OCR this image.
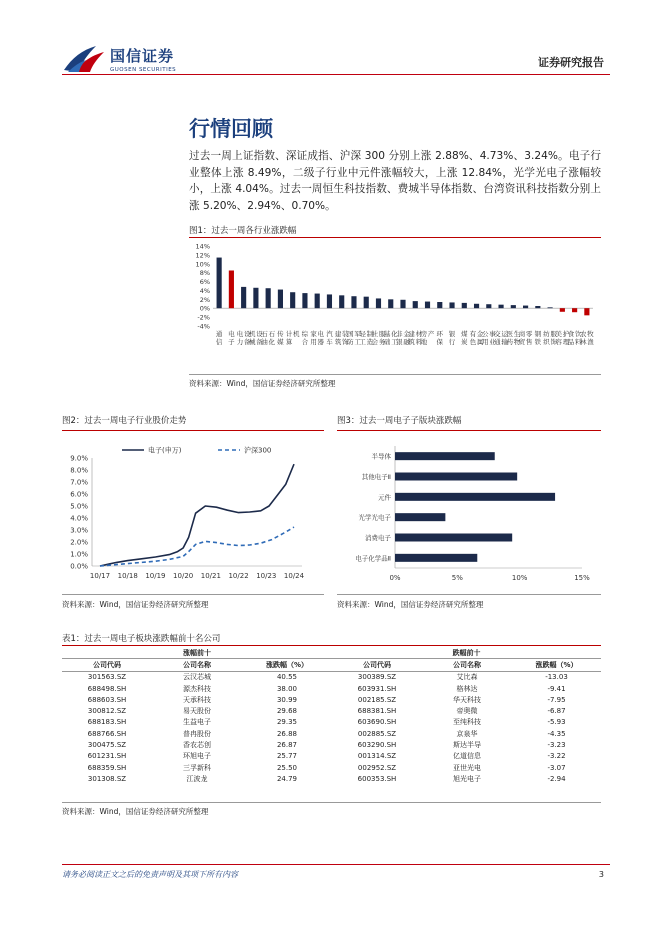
国信证券
GUOSEN SECURITIES
证券研究报告
行情回顾
过去一周上证指数、深证成指、沪深 300 分别上涨 2.88%、4.73%、3.24%。电子行业整体上涨 8.49%，二级子行业中元件涨幅较大，上涨 12.84%，光学光电子涨幅较小，上涨 4.04%。过去一周恒生科技指数、费城半导体指数、台湾资讯科技指数分别上涨 5.20%、2.94%、0.70%。
图1：过去一周各行业涨跌幅
14%
12%
10%
8%
6%
4%
2%
0%
-2%
-4%
通信
电子
电力设备
机械设备
石油石化
传媒
计算机 综合
家用电器
汽车
建筑装饰
国防军工
轻工制造
社会服务
基础化工
非银金融
建筑材料
房地产 环保
银行
煤炭
有色金属
公用事业
交通运输
医药生物
商贸零售
钢铁
纺织服饰
美容护理
食品饮料
农林牧渔
资料来源：Wind，国信证券经济研究所整理
图2：过去一周电子行业股价走势
9.0%
8.0%
7.0%
6.0%
5.0%
4.0%
3.0%
2.0%
1.0%
0.0%
10/17 10/18 10/19 10/20 10/21 10/22 10/23 10/24
电子(申万)	沪深300
资料来源：Wind，国信证券经济研究所整理
图3：过去一周电子子版块涨跌幅
0%	5%	10%	15%
半导体
其他电子Ⅱ
元件
光学光电子
消费电子
电子化学品Ⅱ
资料来源：Wind，国信证券经济研究所整理
表1：过去一周电子板块涨跌幅前十名公司
涨幅前十			跌幅前十		
公司代码	公司名称	涨跌幅（%）	公司代码	公司名称	涨跌幅（%）
301563.SZ	云汉芯城	40.55	300389.SZ	艾比森	-13.03
688498.SH	源杰科技	38.00	603931.SH	格林达	-9.41
688603.SH	天承科技	30.99	002185.SZ	华天科技	-7.95
300812.SZ	易天股份	29.68	688381.SH	帝奥微	-6.87
688183.SH	生益电子	29.35	603690.SH	至纯科技	-5.93
688766.SH	普冉股份	26.88	002885.SZ	京泉华	-4.35
300475.SZ	香农芯创	26.87	603290.SH	斯达半导	-3.23
601231.SH	环旭电子	25.77	001314.SZ	亿道信息	-3.22
688359.SH	三孚新科	25.50	002952.SZ	亚世光电	-3.07
301308.SZ	江波龙	24.79	600353.SH	旭光电子	-2.94
资料来源：Wind，国信证券经济研究所整理
请务必阅读正文之后的免责声明及其项下所有内容	3
